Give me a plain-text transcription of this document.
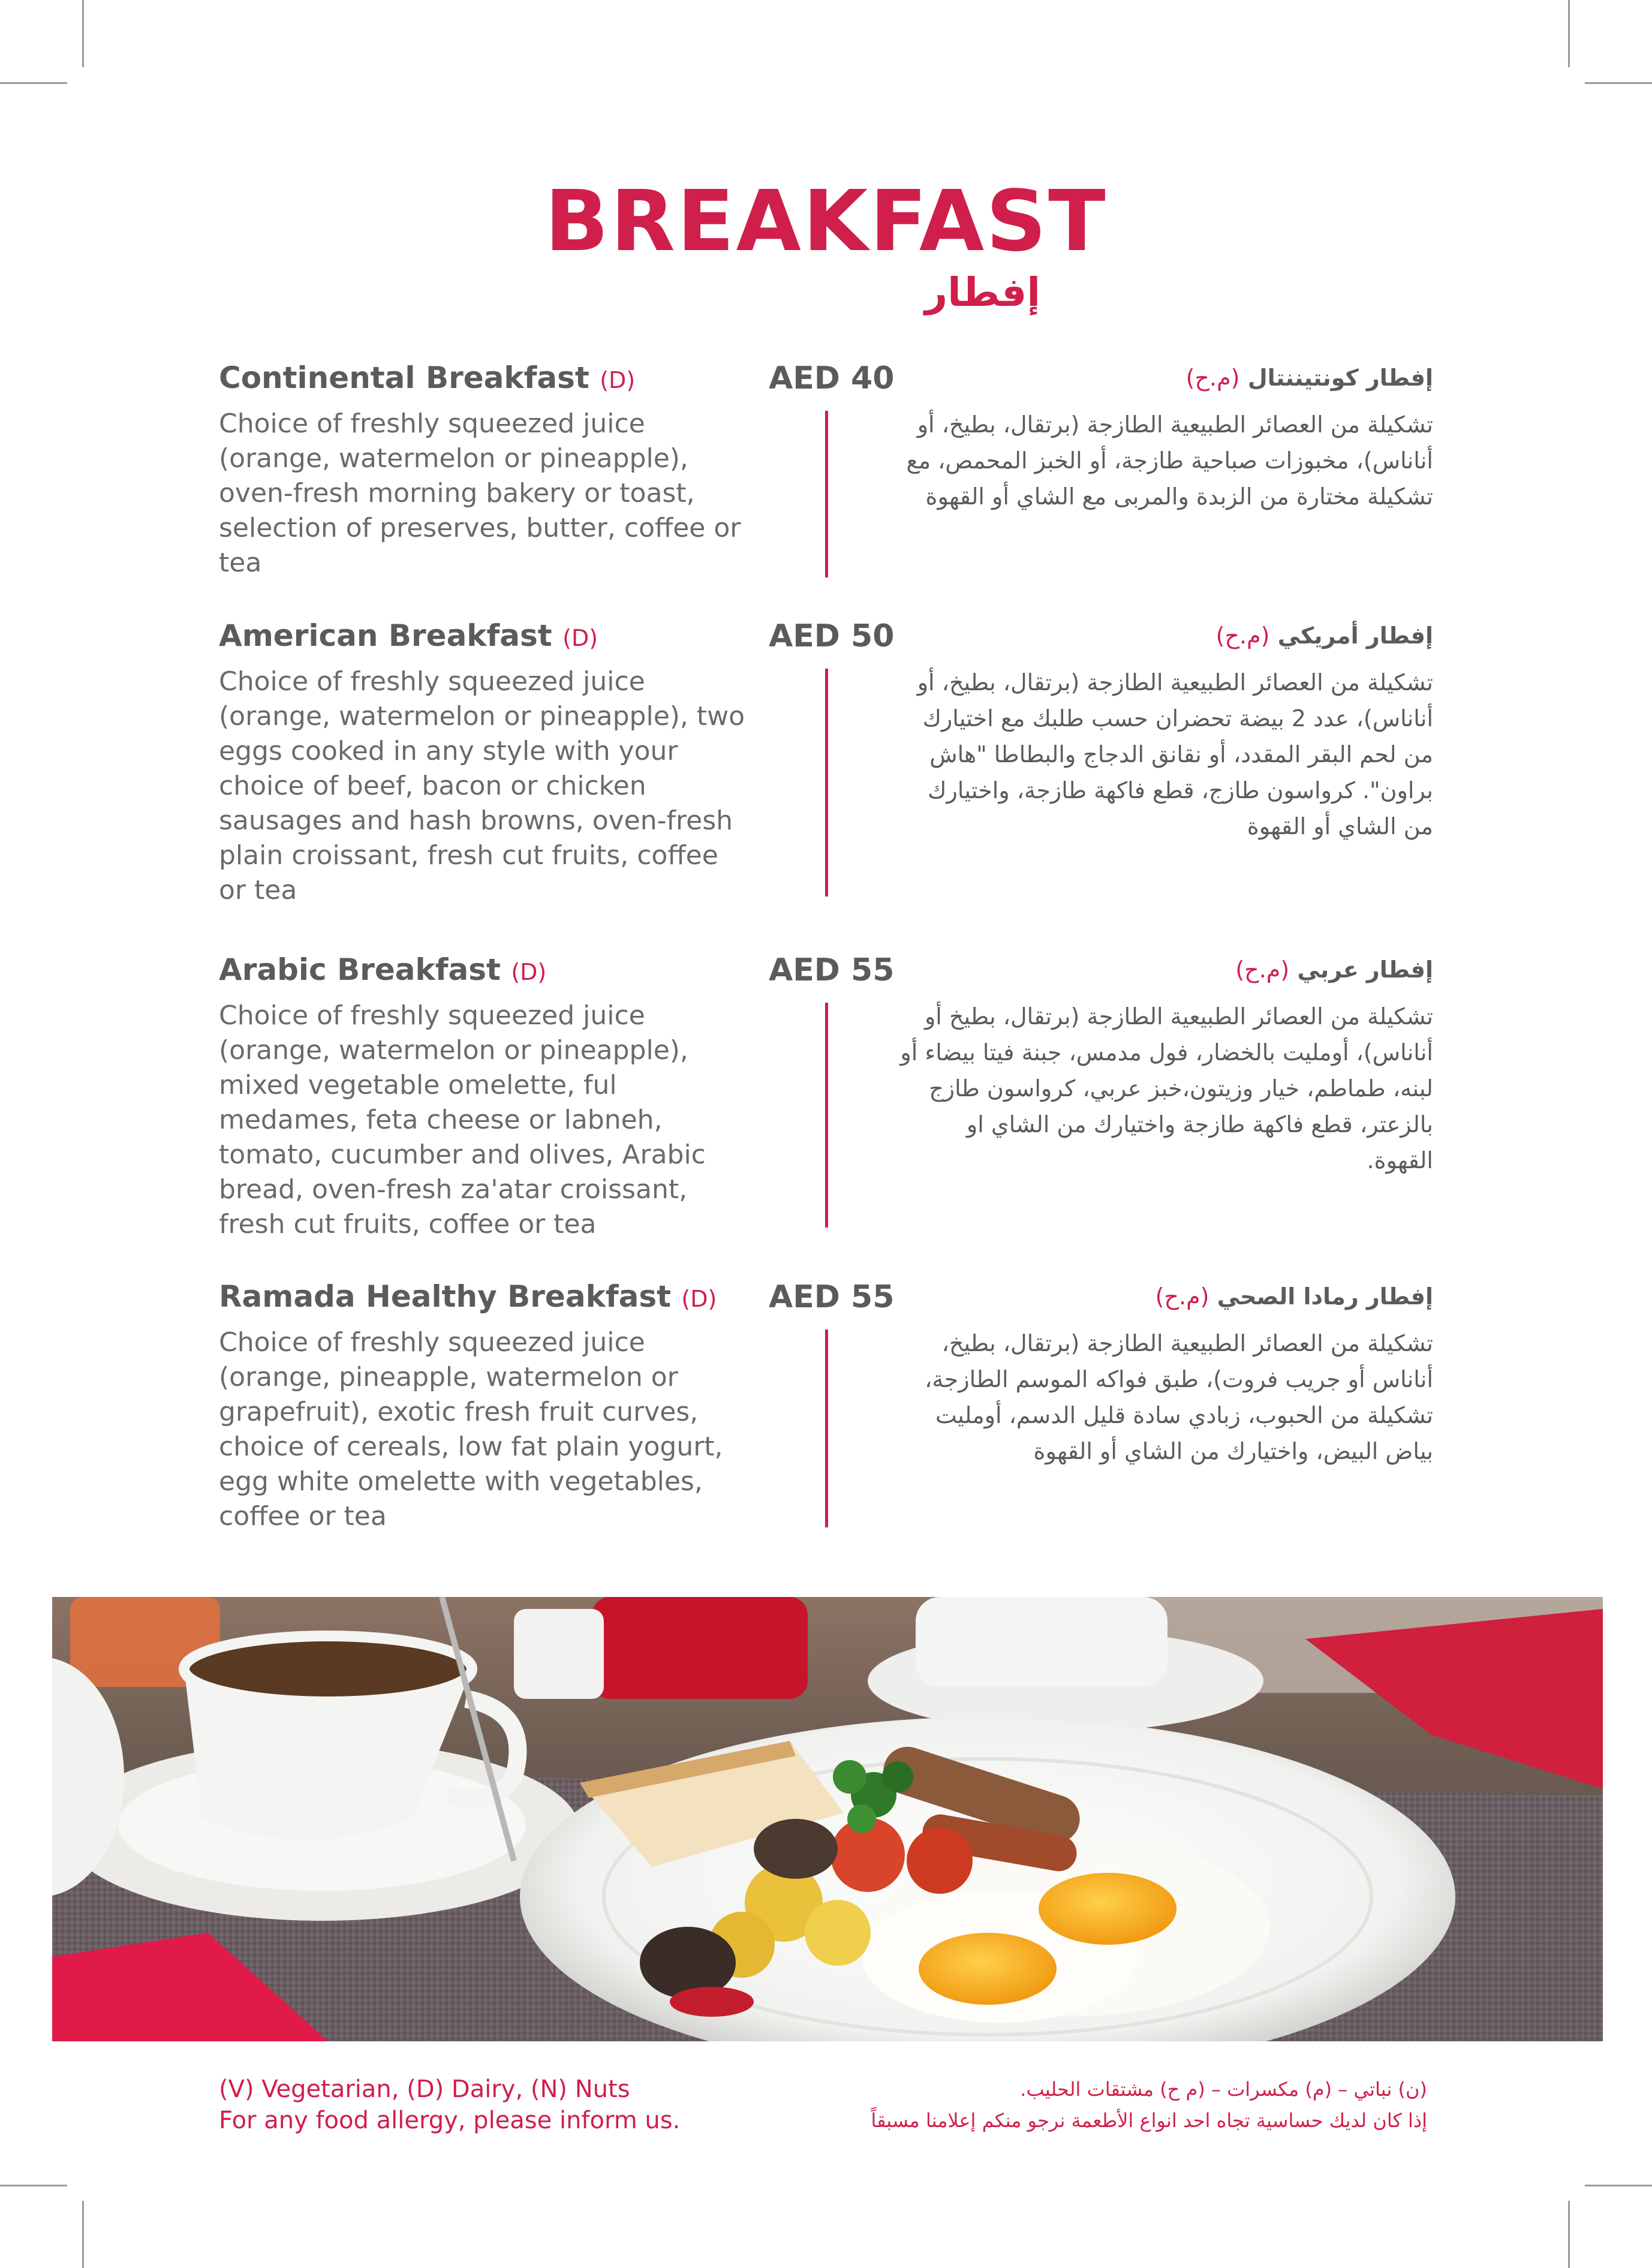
BREAKFAST
إفطار
Continental Breakfast (D)
Choice of freshly squeezed juice (orange, watermelon or pineapple), oven-fresh morning bakery or toast, selection of preserves, butter, coffee or tea
AED 40	إفطار كونتيننتال (م.ح)
تشكيلة من العصائر الطبيعية الطازجة (برتقال، بطيخ، أو أناناس)، مخبوزات صباحية طازجة، أو الخبز المحمص، مع تشكيلة مختارة من الزبدة والمربى مع الشاي أو القهوة
American Breakfast (D)
Choice of freshly squeezed juice (orange, watermelon or pineapple), two eggs cooked in any style with your choice of beef, bacon or chicken sausages and hash browns, oven-fresh plain croissant, fresh cut fruits, coffee or tea
AED 50	إفطار أمريكي (م.ح)
تشكيلة من العصائر الطبيعية الطازجة (برتقال، بطيخ، أو أناناس)، عدد 2 بيضة تحضران حسب طلبك مع اختيارك من لحم البقر المقدد، أو نقانق الدجاج والبطاطا "هاش براون". كرواسون طازج، قطع فاكهة طازجة، واختيارك من الشاي أو القهوة
Arabic Breakfast (D)
Choice of freshly squeezed juice (orange, watermelon or pineapple), mixed vegetable omelette, ful medames, feta cheese or labneh, tomato, cucumber and olives, Arabic bread, oven-fresh za'atar croissant, fresh cut fruits, coffee or tea
AED 55	إفطار عربي (م.ح)
تشكيلة من العصائر الطبيعية الطازجة (برتقال، بطيخ أو أناناس)، أومليت بالخضار، فول مدمس، جبنة فيتا بيضاء أو لبنه، طماطم، خيار وزيتون،خبز عربي، كرواسون طازج بالزعتر، قطع فاكهة طازجة واختيارك من الشاي او القهوة.
Ramada Healthy Breakfast (D)
Choice of freshly squeezed juice (orange, pineapple, watermelon or grapefruit), exotic fresh fruit curves, choice of cereals, low fat plain yogurt, egg white omelette with vegetables, coffee or tea
AED 55	إفطار رمادا الصحي (م.ح)
تشكيلة من العصائر الطبيعية الطازجة (برتقال، بطيخ، أناناس أو جريب فروت)، طبق فواكه الموسم الطازجة، تشكيلة من الحبوب، زبادي سادة قليل الدسم، أومليت بياض البيض، واختيارك من الشاي أو القهوة
(V) Vegetarian, (D) Dairy, (N) Nuts
For any food allergy, please inform us.
(ن) نباتي – (م) مكسرات – (م ح) مشتقات الحليب.
إذا كان لديك حساسية تجاه احد انواع الأطعمة نرجو منكم إعلامنا مسبقاً
